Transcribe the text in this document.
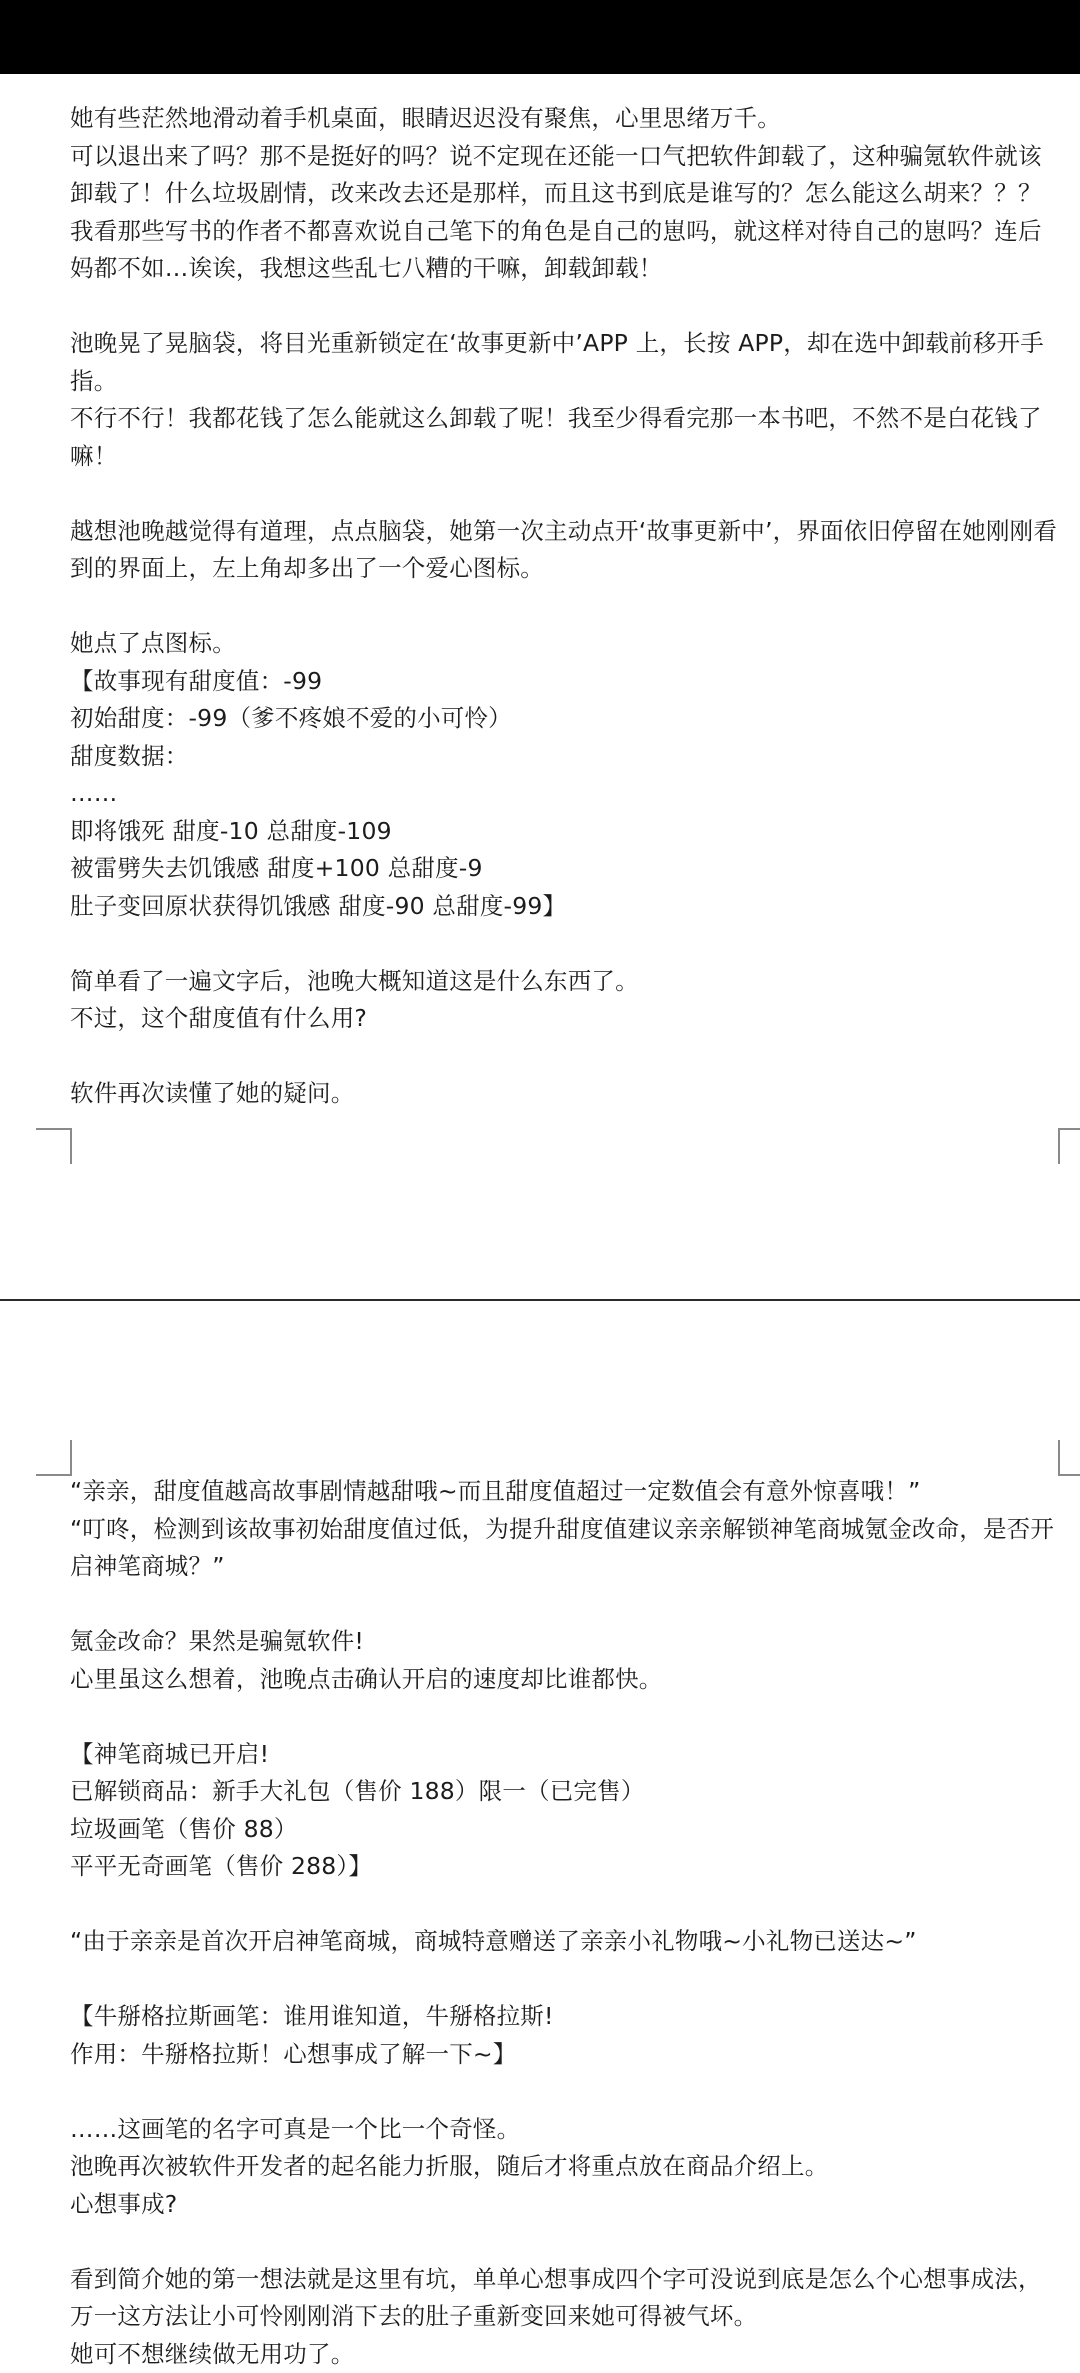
她有些茫然地滑动着手机桌面，眼睛迟迟没有聚焦，心里思绪万千。

可以退出来了吗？那不是挺好的吗？说不定现在还能一口气把软件卸载了，这种骗氪软件就该卸载了！什么垃圾剧情，改来改去还是那样，而且这书到底是谁写的？怎么能这么胡来？？？我看那些写书的作者不都喜欢说自己笔下的角色是自己的崽吗，就这样对待自己的崽吗？连后妈都不如…诶诶，我想这些乱七八糟的干嘛，卸载卸载！

池晚晃了晃脑袋，将目光重新锁定在‘故事更新中’APP 上，长按 APP，却在选中卸载前移开手指。

不行不行！我都花钱了怎么能就这么卸载了呢！我至少得看完那一本书吧，不然不是白花钱了嘛！

越想池晚越觉得有道理，点点脑袋，她第一次主动点开‘故事更新中’，界面依旧停留在她刚刚看到的界面上，左上角却多出了一个爱心图标。

她点了点图标。

【故事现有甜度值：-99

初始甜度：-99（爹不疼娘不爱的小可怜）

甜度数据：

……

即将饿死 甜度-10 总甜度-109

被雷劈失去饥饿感 甜度+100 总甜度-9

肚子变回原状获得饥饿感 甜度-90 总甜度-99】

简单看了一遍文字后，池晚大概知道这是什么东西了。

不过，这个甜度值有什么用?

软件再次读懂了她的疑问。

“亲亲，甜度值越高故事剧情越甜哦~而且甜度值超过一定数值会有意外惊喜哦！”

“叮咚，检测到该故事初始甜度值过低，为提升甜度值建议亲亲解锁神笔商城氪金改命，是否开启神笔商城？”

氪金改命？果然是骗氪软件!

心里虽这么想着，池晚点击确认开启的速度却比谁都快。

【神笔商城已开启!

已解锁商品：新手大礼包（售价 188）限一（已完售）

垃圾画笔（售价 88）

平平无奇画笔（售价 288）】

“由于亲亲是首次开启神笔商城，商城特意赠送了亲亲小礼物哦~小礼物已送达~”

【牛掰格拉斯画笔：谁用谁知道，牛掰格拉斯!

作用：牛掰格拉斯！心想事成了解一下~】

……这画笔的名字可真是一个比一个奇怪。

池晚再次被软件开发者的起名能力折服，随后才将重点放在商品介绍上。

心想事成?

看到简介她的第一想法就是这里有坑，单单心想事成四个字可没说到底是怎么个心想事成法，万一这方法让小可怜刚刚消下去的肚子重新变回来她可得被气坏。

她可不想继续做无用功了。
